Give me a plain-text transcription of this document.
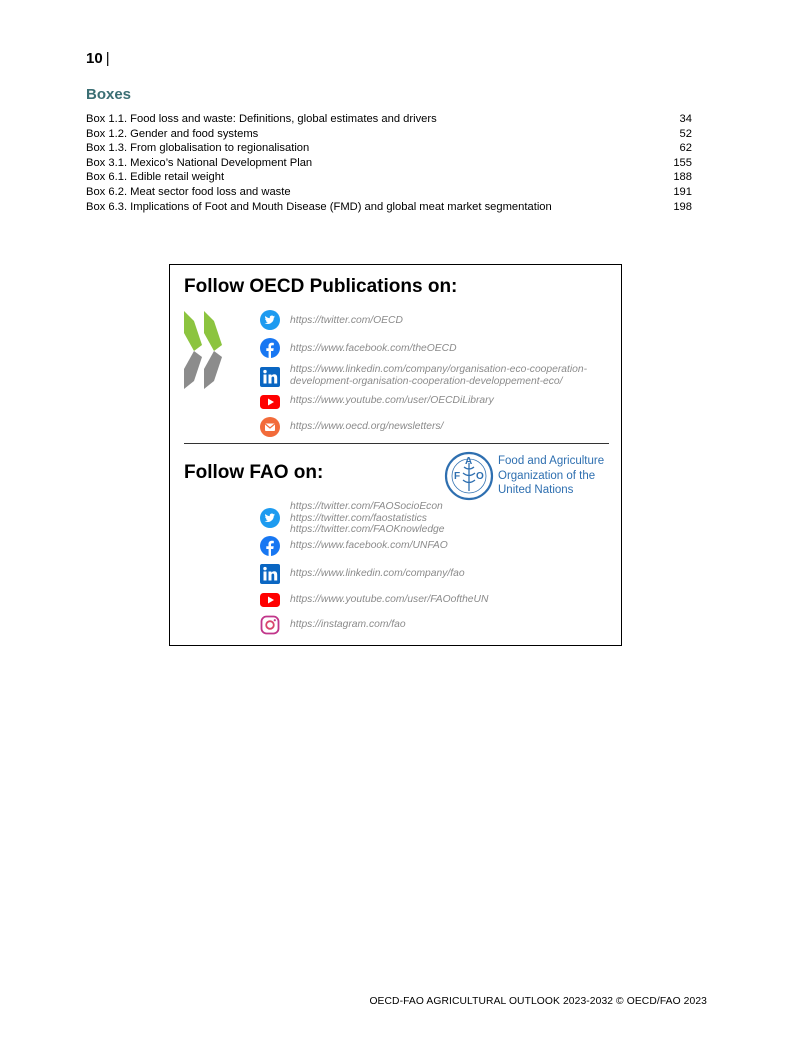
10 |
Boxes
Box 1.1. Food loss and waste: Definitions, global estimates and drivers	34
Box 1.2. Gender and food systems	52
Box 1.3. From globalisation to regionalisation	62
Box 3.1. Mexico’s National Development Plan	155
Box 6.1. Edible retail weight	188
Box 6.2. Meat sector food loss and waste	191
Box 6.3. Implications of Foot and Mouth Disease (FMD) and global meat market segmentation	198
Follow OECD Publications on:
https://twitter.com/OECD
https://www.facebook.com/theOECD
https://www.linkedin.com/company/organisation-eco-cooperation-
development-organisation-cooperation-developpement-eco/
https://www.youtube.com/user/OECDiLibrary
https://www.oecd.org/newsletters/
Follow FAO on:	F
A
O
Food and Agriculture
Organization of the
United Nations
https://twitter.com/FAOSocioEcon
https://twitter.com/faostatistics
https://twitter.com/FAOKnowledge
https://www.facebook.com/UNFAO
https://www.linkedin.com/company/fao
https://www.youtube.com/user/FAOoftheUN
https://instagram.com/fao
OECD-FAO AGRICULTURAL OUTLOOK 2023-2032 © OECD/FAO 2023
